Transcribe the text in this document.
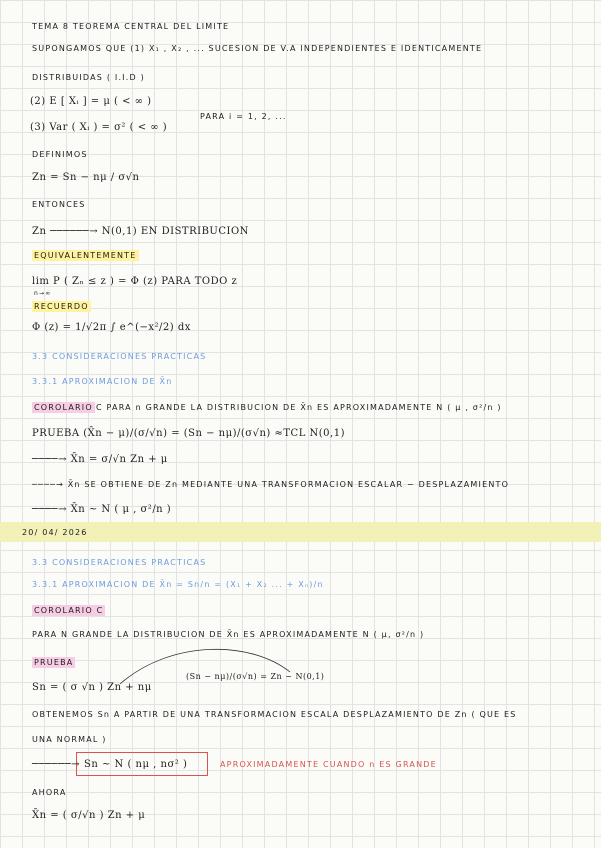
TEMA 8 TEOREMA CENTRAL DEL LIMITE
SUPONGAMOS QUE (1) X₁ , X₂ , ... SUCESION DE V.A INDEPENDIENTES E IDENTICAMENTE
DISTRIBUIDAS ( I.I.D )
(2) E [ Xᵢ ] = μ ( < ∞ )
(3) Var ( Xᵢ ) = σ² ( < ∞ )
PARA i = 1, 2, ...
DEFINIMOS
Zn = Sn − nμ / σ√n
ENTONCES
Zn ──────→ N(0,1) EN DISTRIBUCION
EQUIVALENTEMENTE
lim P ( Zₙ ≤ z ) = Φ (z) PARA TODO z
n→∞
RECUERDO
Φ (z) = 1/√2π ∫ e^(−x²/2) dx
3.3 CONSIDERACIONES PRACTICAS
3.3.1 APROXIMACION DE X̄n
COROLARIO C PARA n GRANDE LA DISTRIBUCION DE X̄n ES APROXIMADAMENTE N ( μ , σ²/n )
PRUEBA (X̄n − μ)/(σ/√n) = (Sn − nμ)/(σ√n) ≈TCL N(0,1)
────→ X̄n = σ/√n Zn + μ
────→ X̄n SE OBTIENE DE Zn MEDIANTE UNA TRANSFORMACION ESCALAR − DESPLAZAMIENTO
────→ X̄n ~ N ( μ , σ²/n )
20/ 04/ 2026
3.3 CONSIDERACIONES PRACTICAS
3.3.1 APROXIMACION DE X̄n = Sn/n = (X₁ + X₂ ... + Xₙ)/n
COROLARIO C
PARA N GRANDE LA DISTRIBUCION DE X̄n ES APROXIMADAMENTE N ( μ, σ²/n )
PRUEBA
Sn = ( σ √n ) Zn + nμ
(Sn − nμ)/(σ√n) = Zn ~ N(0,1)
OBTENEMOS Sn A PARTIR DE UNA TRANSFORMACION ESCALA DESPLAZAMIENTO DE Zn ( QUE ES
UNA NORMAL )
──────→ Sn ~ N ( nμ , nσ² )	APROXIMADAMENTE CUANDO n ES GRANDE
AHORA
X̄n = ( σ/√n ) Zn + μ
